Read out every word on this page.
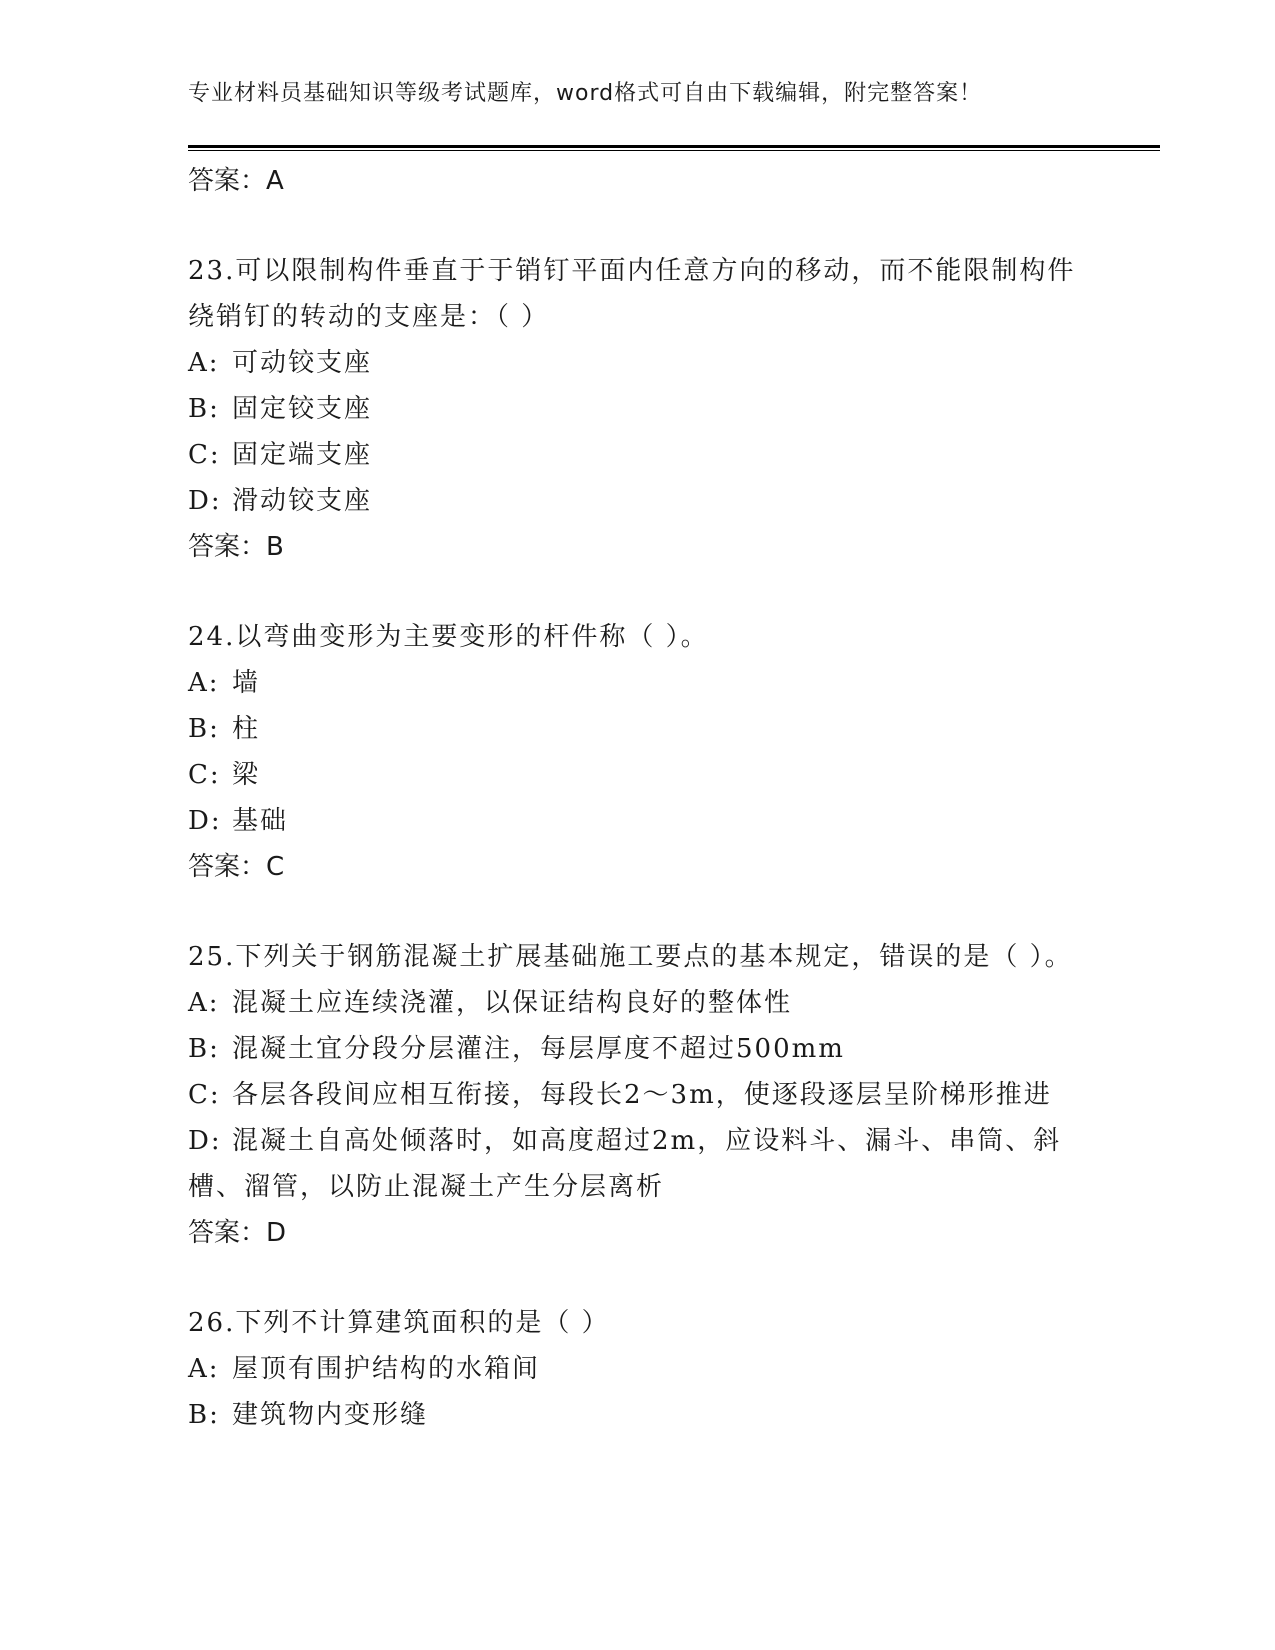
专业材料员基础知识等级考试题库，word格式可自由下载编辑，附完整答案！
答案：A
23.可以限制构件垂直于于销钉平面内任意方向的移动，而不能限制构件绕销钉的转动的支座是：（ ）
A: 可动铰支座
B: 固定铰支座
C: 固定端支座
D: 滑动铰支座
答案：B
24.以弯曲变形为主要变形的杆件称（ ）。
A: 墙
B: 柱
C: 梁
D: 基础
答案：C
25.下列关于钢筋混凝土扩展基础施工要点的基本规定，错误的是（ ）。
A: 混凝土应连续浇灌，以保证结构良好的整体性
B: 混凝土宜分段分层灌注，每层厚度不超过500mm
C: 各层各段间应相互衔接，每段长2～3m，使逐段逐层呈阶梯形推进
D: 混凝土自高处倾落时，如高度超过2m，应设料斗、漏斗、串筒、斜槽、溜管，以防止混凝土产生分层离析
答案：D
26.下列不计算建筑面积的是（ ）
A: 屋顶有围护结构的水箱间
B: 建筑物内变形缝
